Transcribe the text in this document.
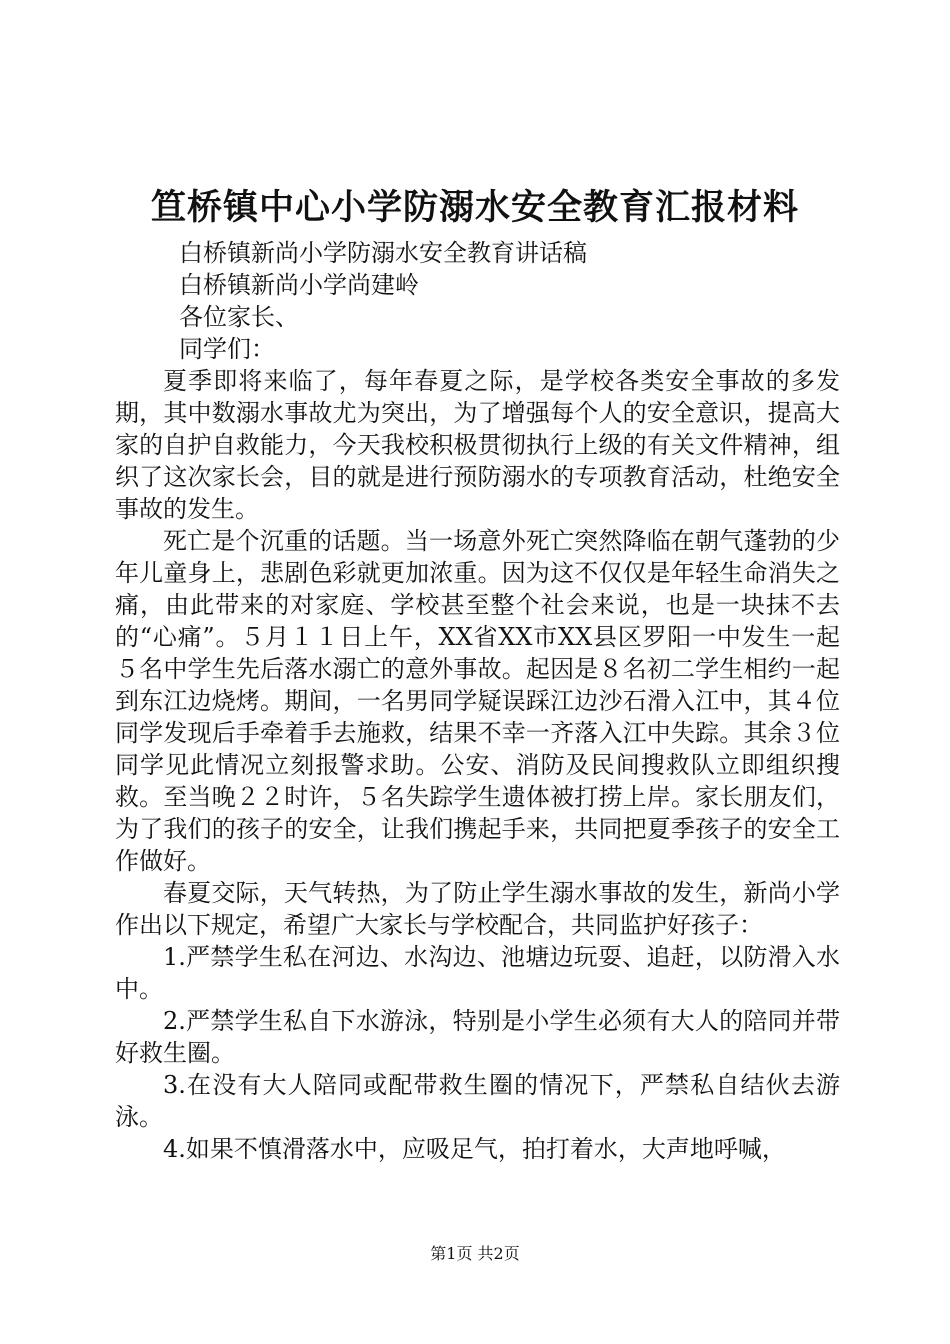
笪桥镇中心小学防溺水安全教育汇报材料

白桥镇新尚小学防溺水安全教育讲话稿

白桥镇新尚小学尚建岭

各位家长、

同学们：

夏季即将来临了，每年春夏之际，是学校各类安全事故的多发期，其中数溺水事故尤为突出，为了增强每个人的安全意识，提高大家的自护自救能力，今天我校积极贯彻执行上级的有关文件精神，组织了这次家长会，目的就是进行预防溺水的专项教育活动，杜绝安全事故的发生。

死亡是个沉重的话题。当一场意外死亡突然降临在朝气蓬勃的少年儿童身上，悲剧色彩就更加浓重。因为这不仅仅是年轻生命消失之痛，由此带来的对家庭、学校甚至整个社会来说，也是一块抹不去的“心痛”。５月１１日上午，XX省XX市XX县区罗阳一中发生一起５名中学生先后落水溺亡的意外事故。起因是８名初二学生相约一起到东江边烧烤。期间，一名男同学疑误踩江边沙石滑入江中，其４位同学发现后手牵着手去施救，结果不幸一齐落入江中失踪。其余３位同学见此情况立刻报警求助。公安、消防及民间搜救队立即组织搜救。至当晚２２时许，５名失踪学生遗体被打捞上岸。家长朋友们，为了我们的孩子的安全，让我们携起手来，共同把夏季孩子的安全工作做好。

春夏交际，天气转热，为了防止学生溺水事故的发生，新尚小学作出以下规定，希望广大家长与学校配合，共同监护好孩子：

1.严禁学生私在河边、水沟边、池塘边玩耍、追赶，以防滑入水中。

2.严禁学生私自下水游泳，特别是小学生必须有大人的陪同并带好救生圈。

3.在没有大人陪同或配带救生圈的情况下，严禁私自结伙去游泳。

4.如果不慎滑落水中，应吸足气，拍打着水，大声地呼喊，

第1页 共2页
